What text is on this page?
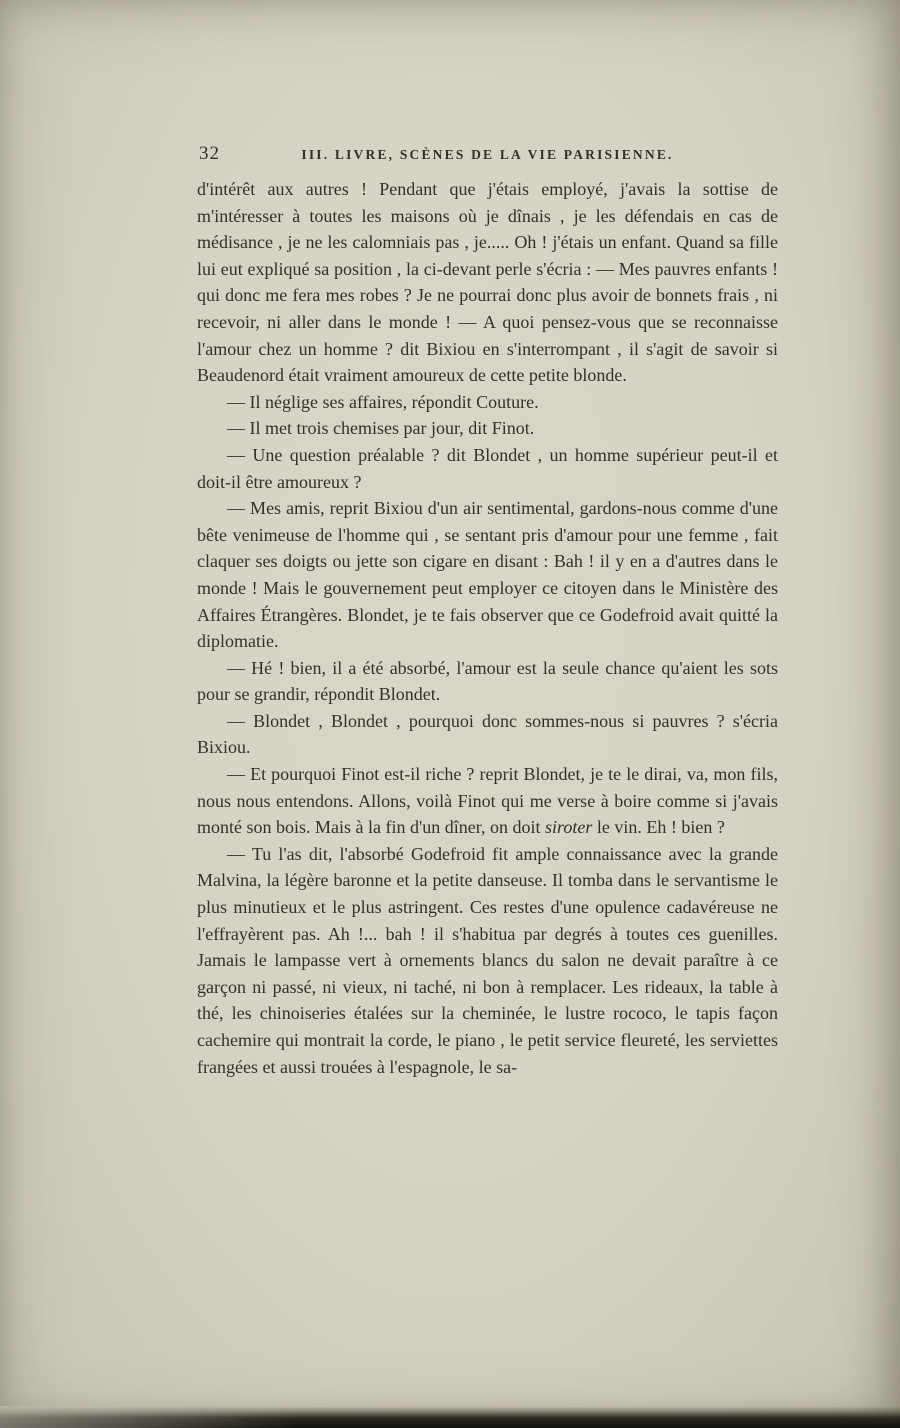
32	III. LIVRE, SCÈNES DE LA VIE PARISIENNE.

d'intérêt aux autres ! Pendant que j'étais employé, j'avais la sottise de m'intéresser à toutes les maisons où je dînais , je les défendais en cas de médisance , je ne les calomniais pas , je..... Oh ! j'étais un enfant. Quand sa fille lui eut expliqué sa position , la ci-devant perle s'écria : — Mes pauvres enfants ! qui donc me fera mes robes ? Je ne pourrai donc plus avoir de bonnets frais , ni recevoir, ni aller dans le monde ! — A quoi pensez-vous que se reconnaisse l'amour chez un homme ? dit Bixiou en s'interrompant , il s'agit de savoir si Beaudenord était vraiment amoureux de cette petite blonde.

— Il néglige ses affaires, répondit Couture.

— Il met trois chemises par jour, dit Finot.

— Une question préalable ? dit Blondet , un homme supérieur peut-il et doit-il être amoureux ?

— Mes amis, reprit Bixiou d'un air sentimental, gardons-nous comme d'une bête venimeuse de l'homme qui , se sentant pris d'amour pour une femme , fait claquer ses doigts ou jette son cigare en disant : Bah ! il y en a d'autres dans le monde ! Mais le gouvernement peut employer ce citoyen dans le Ministère des Affaires Étrangères. Blondet, je te fais observer que ce Godefroid avait quitté la diplomatie.

— Hé ! bien, il a été absorbé, l'amour est la seule chance qu'aient les sots pour se grandir, répondit Blondet.

— Blondet , Blondet , pourquoi donc sommes-nous si pauvres ? s'écria Bixiou.

— Et pourquoi Finot est-il riche ? reprit Blondet, je te le dirai, va, mon fils, nous nous entendons. Allons, voilà Finot qui me verse à boire comme si j'avais monté son bois. Mais à la fin d'un dîner, on doit siroter le vin. Eh ! bien ?

— Tu l'as dit, l'absorbé Godefroid fit ample connaissance avec la grande Malvina, la légère baronne et la petite danseuse. Il tomba dans le servantisme le plus minutieux et le plus astringent. Ces restes d'une opulence cadavéreuse ne l'effrayèrent pas. Ah !... bah ! il s'habitua par degrés à toutes ces guenilles. Jamais le lampasse vert à ornements blancs du salon ne devait paraître à ce garçon ni passé, ni vieux, ni taché, ni bon à remplacer. Les rideaux, la table à thé, les chinoiseries étalées sur la cheminée, le lustre rococo, le tapis façon cachemire qui montrait la corde, le piano , le petit service fleureté, les serviettes frangées et aussi trouées à l'espagnole, le sa-
